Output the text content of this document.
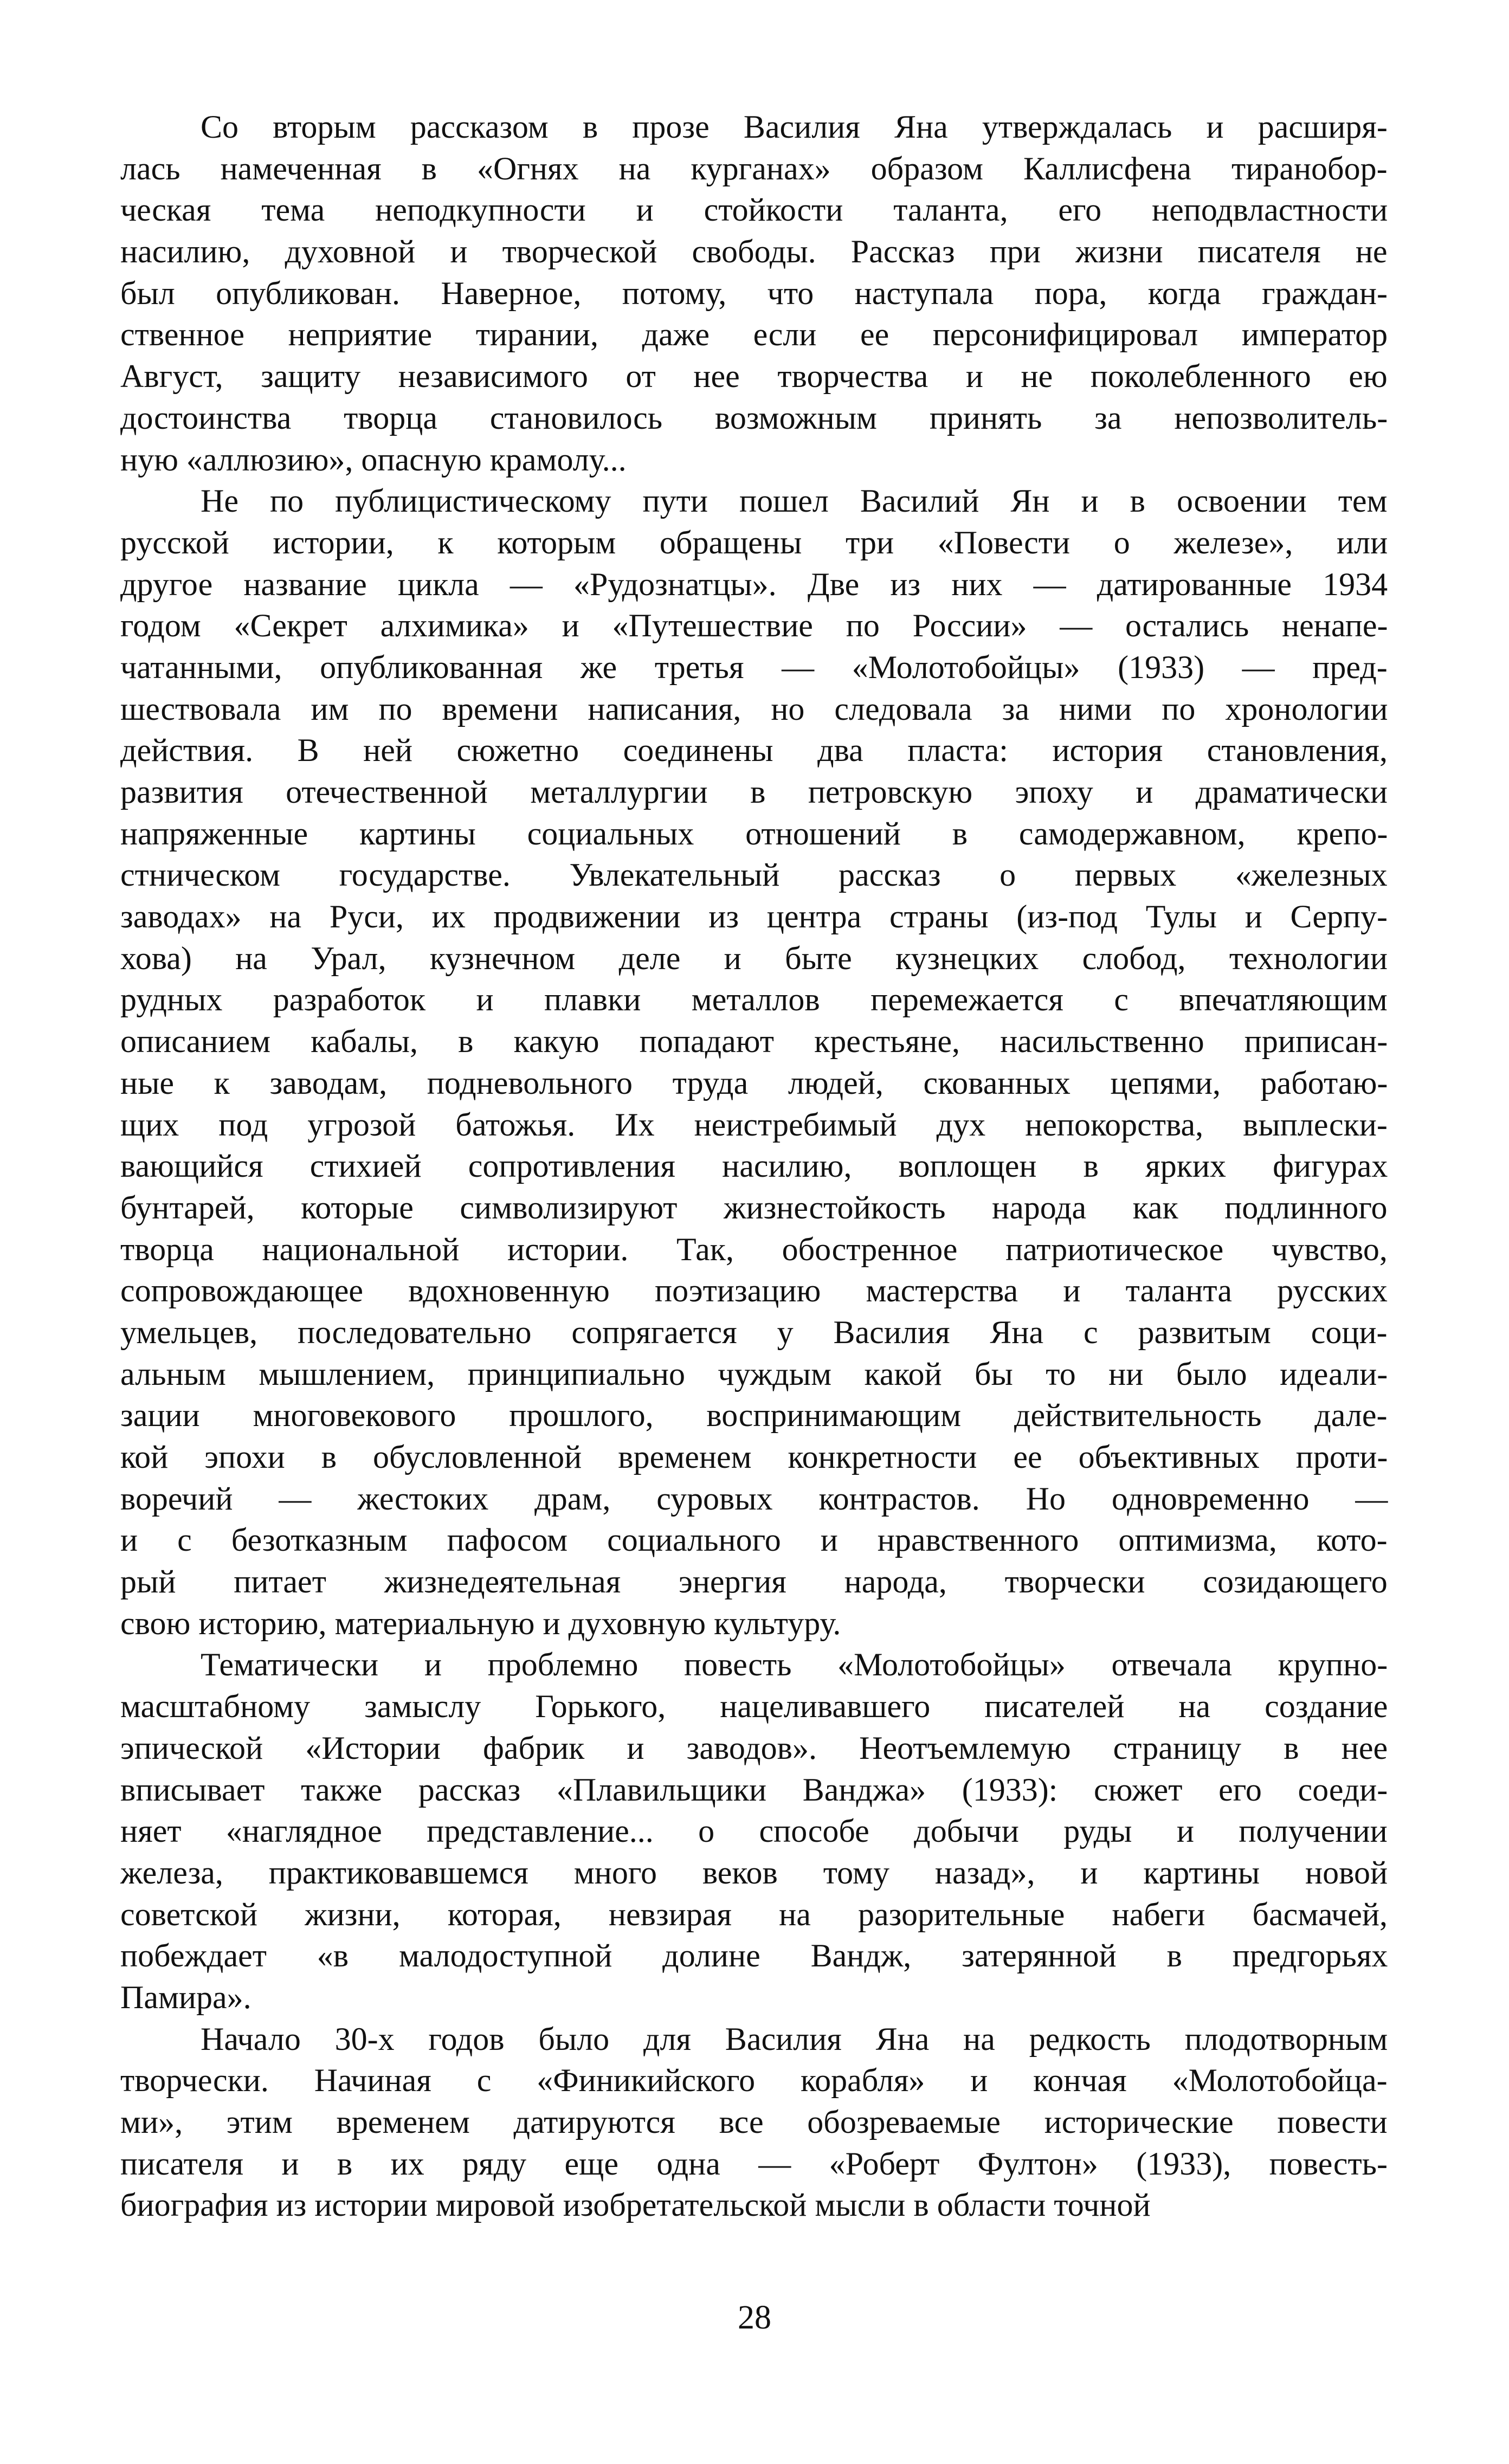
Со вторым рассказом в прозе Василия Яна утверждалась и расширя-
лась намеченная в «Огнях на курганах» образом Каллисфена тиранобор-
ческая тема неподкупности и стойкости таланта, его неподвластности
насилию, духовной и творческой свободы. Рассказ при жизни писателя не
был опубликован. Наверное, потому, что наступала пора, когда граждан-
ственное неприятие тирании, даже если ее персонифицировал император
Август, защиту независимого от нее творчества и не поколебленного ею
достоинства творца становилось возможным принять за непозволитель-
ную «аллюзию», опасную крамолу...
Не по публицистическому пути пошел Василий Ян и в освоении тем
русской истории, к которым обращены три «Повести о железе», или
другое название цикла — «Рудознатцы». Две из них — датированные 1934
годом «Секрет алхимика» и «Путешествие по России» — остались ненапе-
чатанными, опубликованная же третья — «Молотобойцы» (1933) — пред-
шествовала им по времени написания, но следовала за ними по хронологии
действия. В ней сюжетно соединены два пласта: история становления,
развития отечественной металлургии в петровскую эпоху и драматически
напряженные картины социальных отношений в самодержавном, крепо-
стническом государстве. Увлекательный рассказ о первых «железных
заводах» на Руси, их продвижении из центра страны (из-под Тулы и Серпу-
хова) на Урал, кузнечном деле и быте кузнецких слобод, технологии
рудных разработок и плавки металлов перемежается с впечатляющим
описанием кабалы, в какую попадают крестьяне, насильственно приписан-
ные к заводам, подневольного труда людей, скованных цепями, работаю-
щих под угрозой батожья. Их неистребимый дух непокорства, выплески-
вающийся стихией сопротивления насилию, воплощен в ярких фигурах
бунтарей, которые символизируют жизнестойкость народа как подлинного
творца национальной истории. Так, обостренное патриотическое чувство,
сопровождающее вдохновенную поэтизацию мастерства и таланта русских
умельцев, последовательно сопрягается у Василия Яна с развитым соци-
альным мышлением, принципиально чуждым какой бы то ни было идеали-
зации многовекового прошлого, воспринимающим действительность дале-
кой эпохи в обусловленной временем конкретности ее объективных проти-
воречий — жестоких драм, суровых контрастов. Но одновременно —
и с безотказным пафосом социального и нравственного оптимизма, кото-
рый питает жизнедеятельная энергия народа, творчески созидающего
свою историю, материальную и духовную культуру.
Тематически и проблемно повесть «Молотобойцы» отвечала крупно-
масштабному замыслу Горького, нацеливавшего писателей на создание
эпической «Истории фабрик и заводов». Неотъемлемую страницу в нее
вписывает также рассказ «Плавильщики Ванджа» (1933): сюжет его соеди-
няет «наглядное представление... о способе добычи руды и получении
железа, практиковавшемся много веков тому назад», и картины новой
советской жизни, которая, невзирая на разорительные набеги басмачей,
побеждает «в малодоступной долине Вандж, затерянной в предгорьях
Памира».
Начало 30-х годов было для Василия Яна на редкость плодотворным
творчески. Начиная с «Финикийского корабля» и кончая «Молотобойца-
ми», этим временем датируются все обозреваемые исторические повести
писателя и в их ряду еще одна — «Роберт Фултон» (1933), повесть-
биография из истории мировой изобретательской мысли в области точной
28
